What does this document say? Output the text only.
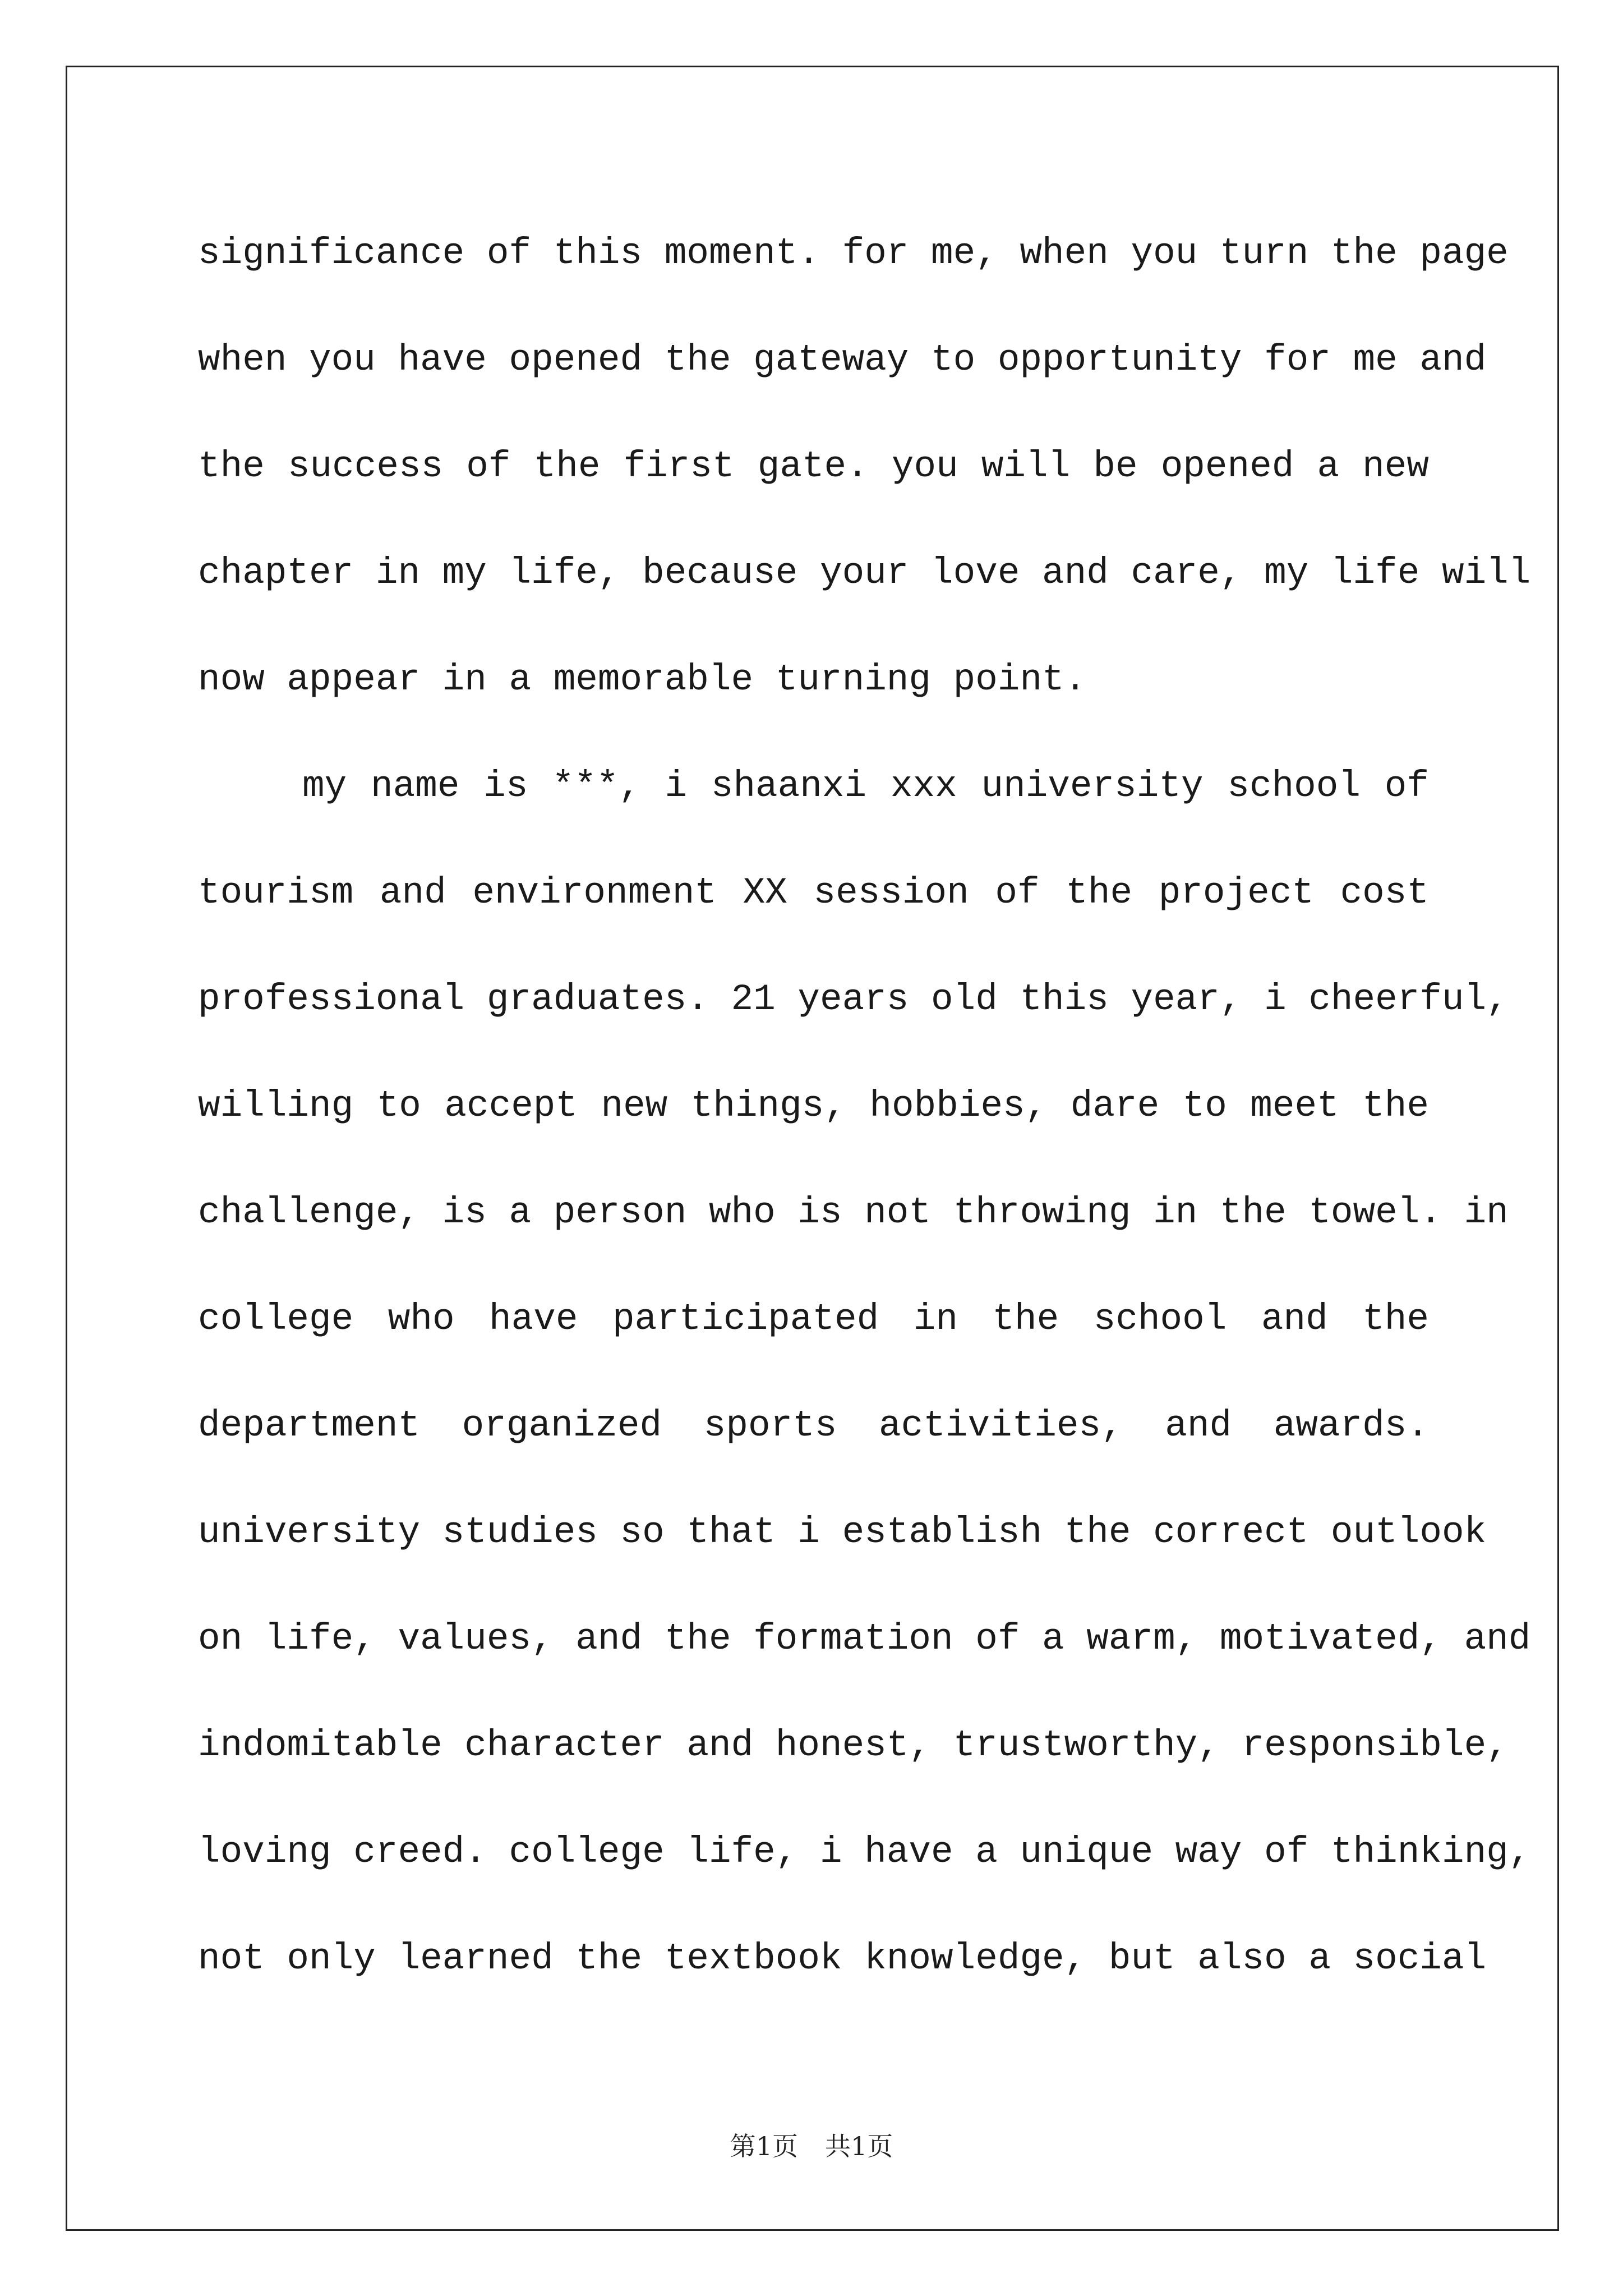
significance of this moment. for me, when you turn the page
when you have opened the gateway to opportunity for me and
the success of the first gate. you will be opened a new
chapter in my life, because your love and care, my life will
now appear in a memorable turning point.
my name is ***, i shaanxi xxx university school of
tourism and environment XX session of the project cost
professional graduates. 21 years old this year, i cheerful,
willing to accept new things, hobbies, dare to meet the
challenge, is a person who is not throwing in the towel. in
college who have participated in the school and the
department organized sports activities, and awards.
university studies so that i establish the correct outlook
on life, values, and the formation of a warm, motivated, and
indomitable character and honest, trustworthy, responsible,
loving creed. college life, i have a unique way of thinking,
not only learned the textbook knowledge, but also a social
第1页 共1页
